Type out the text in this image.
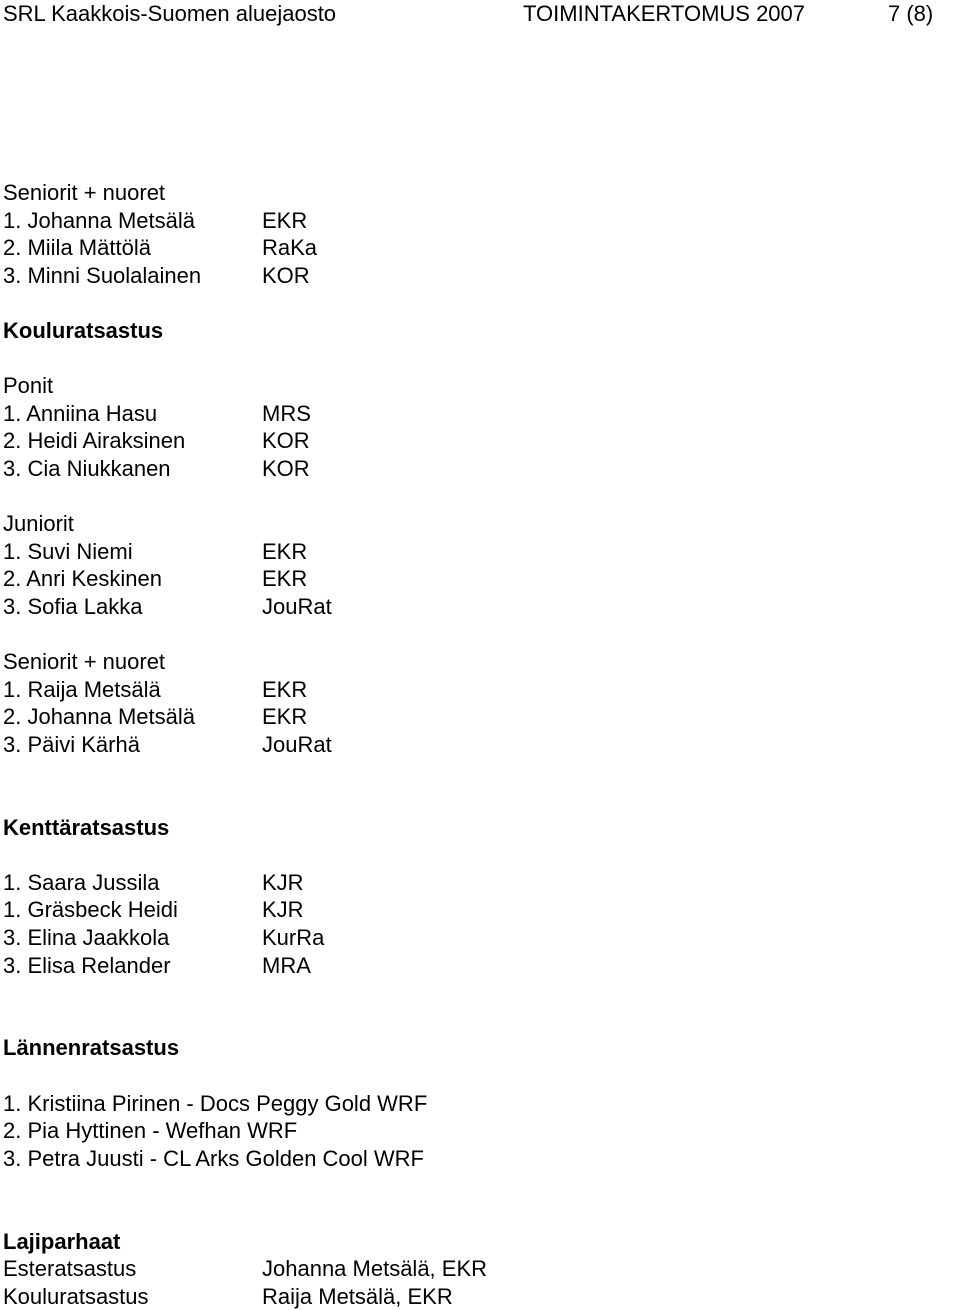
SRL Kaakkois-Suomen aluejaosto	TOIMINTAKERTOMUS 2007	7 (8)
Seniorit + nuoret
1. Johanna Metsälä	EKR
2. Miila Mättölä	RaKa
3. Minni Suolalainen	KOR
Kouluratsastus
Ponit
1. Anniina Hasu	MRS
2. Heidi Airaksinen	KOR
3. Cia Niukkanen	KOR
Juniorit
1. Suvi Niemi	EKR
2. Anri Keskinen	EKR
3. Sofia Lakka	JouRat
Seniorit + nuoret
1. Raija Metsälä	EKR
2. Johanna Metsälä	EKR
3. Päivi Kärhä	JouRat
Kenttäratsastus
1. Saara Jussila	KJR
1. Gräsbeck Heidi	KJR
3. Elina Jaakkola	KurRa
3. Elisa Relander	MRA
Lännenratsastus
1. Kristiina Pirinen - Docs Peggy Gold WRF
2. Pia Hyttinen - Wefhan WRF
3. Petra Juusti - CL Arks Golden Cool WRF
Lajiparhaat
Esteratsastus	Johanna Metsälä, EKR
Kouluratsastus	Raija Metsälä, EKR
